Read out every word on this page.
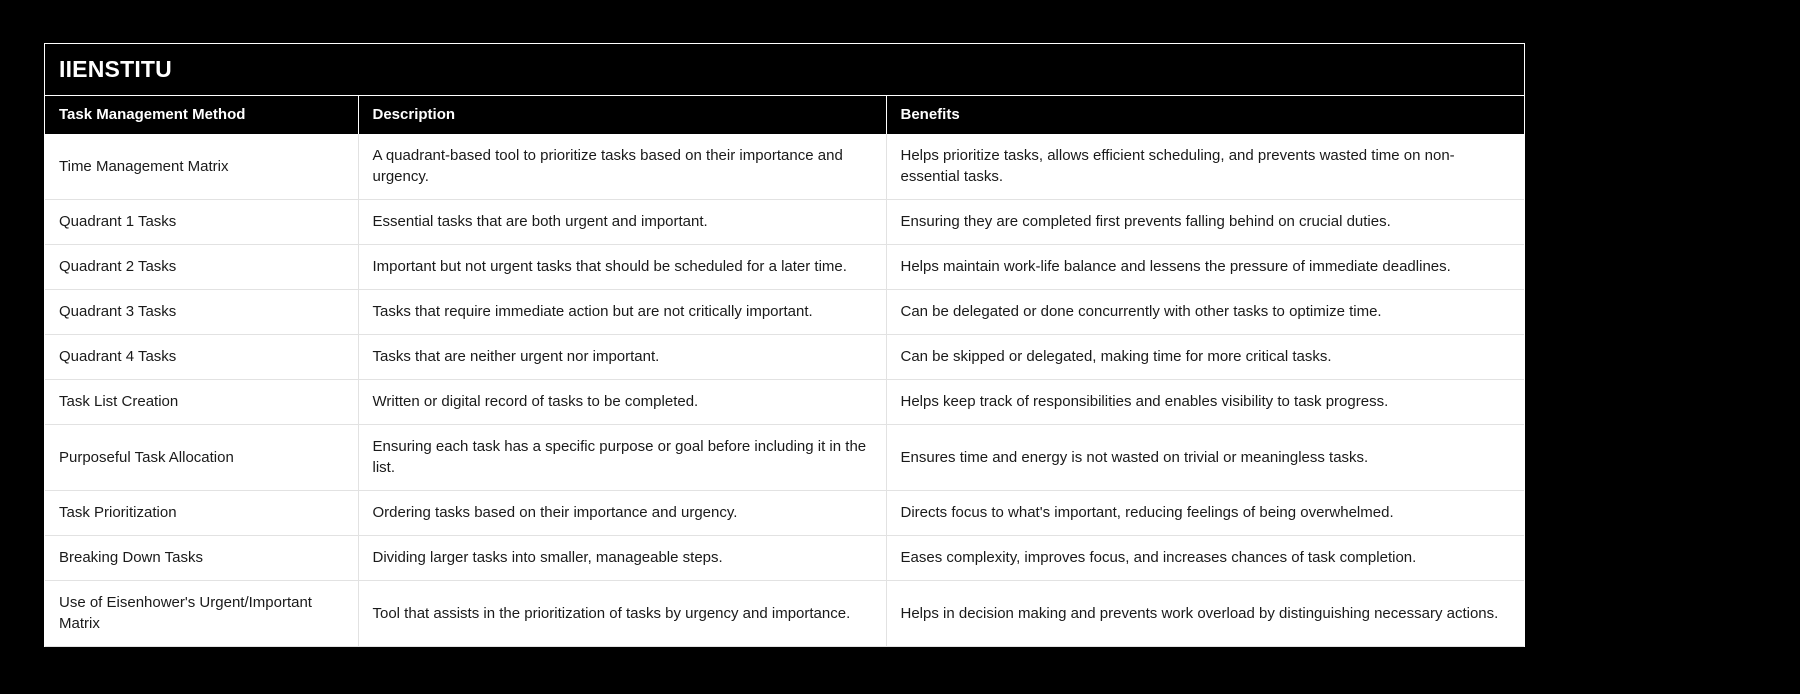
IIENSTITU
Task Management Method	Description	Benefits
Time Management Matrix	A quadrant-based tool to prioritize tasks based on their importance and urgency.	Helps prioritize tasks, allows efficient scheduling, and prevents wasted time on non-essential tasks.
Quadrant 1 Tasks	Essential tasks that are both urgent and important.	Ensuring they are completed first prevents falling behind on crucial duties.
Quadrant 2 Tasks	Important but not urgent tasks that should be scheduled for a later time.	Helps maintain work-life balance and lessens the pressure of immediate deadlines.
Quadrant 3 Tasks	Tasks that require immediate action but are not critically important.	Can be delegated or done concurrently with other tasks to optimize time.
Quadrant 4 Tasks	Tasks that are neither urgent nor important.	Can be skipped or delegated, making time for more critical tasks.
Task List Creation	Written or digital record of tasks to be completed.	Helps keep track of responsibilities and enables visibility to task progress.
Purposeful Task Allocation	Ensuring each task has a specific purpose or goal before including it in the list.	Ensures time and energy is not wasted on trivial or meaningless tasks.
Task Prioritization	Ordering tasks based on their importance and urgency.	Directs focus to what's important, reducing feelings of being overwhelmed.
Breaking Down Tasks	Dividing larger tasks into smaller, manageable steps.	Eases complexity, improves focus, and increases chances of task completion.
Use of Eisenhower's Urgent/Important Matrix	Tool that assists in the prioritization of tasks by urgency and importance.	Helps in decision making and prevents work overload by distinguishing necessary actions.
